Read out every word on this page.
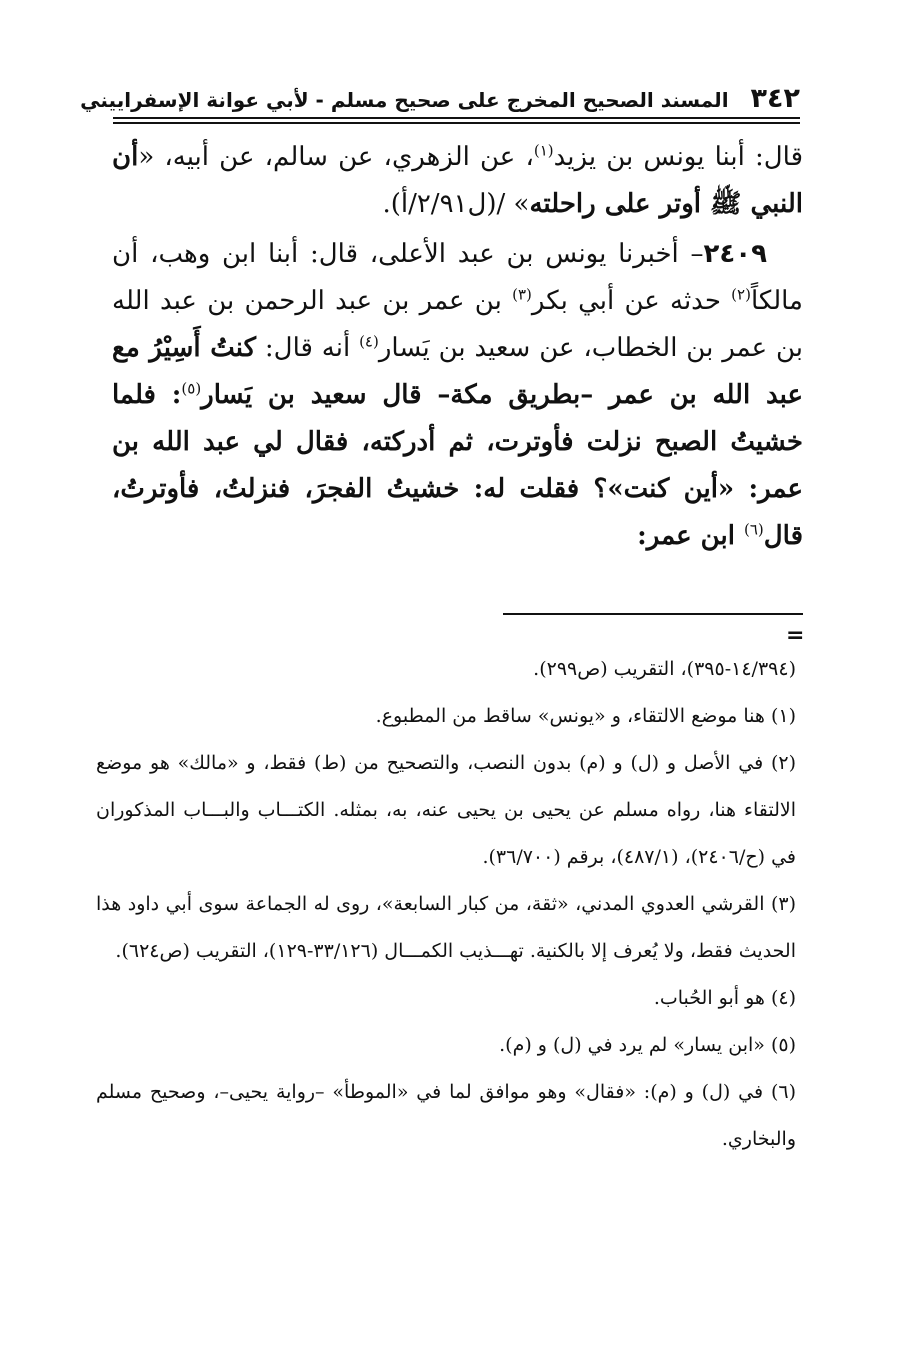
٣٤٢
المسند الصحيح المخرج على صحيح مسلم - لأبي عوانة الإسفراييني

قال: أبنا يونس بن يزيد$^{(١)}$، عن الزهري، عن سالم، عن أبيه، «أن النبي ﷺ أوتر على راحلته» /(ل٢/٩١/أ).

٢٤٠٩– أخبرنا يونس بن عبد الأعلى، قال: أبنا ابن وهب، أن مالكاً$^{(٢)}$ حدثه عن أبي بكر$^{(٣)}$ بن عمر بن عبد الرحمن بن عبد الله بن عمر بن الخطاب، عن سعيد بن يَسار$^{(٤)}$ أنه قال: كنتُ أَسِيْرُ مع عبد الله بن عمر –بطريق مكة– قال سعيد بن يَسار$^{(٥)}$: فلما خشيتُ الصبح نزلت فأوترت، ثم أدركته، فقال لي عبد الله بن عمر: «أين كنت»؟ فقلت له: خشيتُ الفجرَ، فنزلتُ، فأوترتُ، قال$^{(٦)}$ ابن عمر:

=

(١٤/٣٩٤-٣٩٥)، التقريب (ص٢٩٩).

(١) هنا موضع الالتقاء، و «يونس» ساقط من المطبوع.

(٢) في الأصل و (ل) و (م) بدون النصب، والتصحيح من (ط) فقط، و «مالك» هو موضع الالتقاء هنا، رواه مسلم عن يحيى بن يحيى عنه، به، بمثله. الكتـــاب والبـــاب المذكوران في (ح/٢٤٠٦)، (٤٨٧/١)، برقم (٣٦/٧٠٠).

(٣) القرشي العدوي المدني، «ثقة، من كبار السابعة»، روى له الجماعة سوى أبي داود هذا الحديث فقط، ولا يُعرف إلا بالكنية. تهـــذيب الكمـــال (٣٣/١٢٦-١٢٩)، التقريب (ص٦٢٤).

(٤) هو أبو الحُباب.

(٥) «ابن يسار» لم يرد في (ل) و (م).

(٦) في (ل) و (م): «فقال» وهو موافق لما في «الموطأ» –رواية يحيى–، وصحيح مسلم والبخاري.
